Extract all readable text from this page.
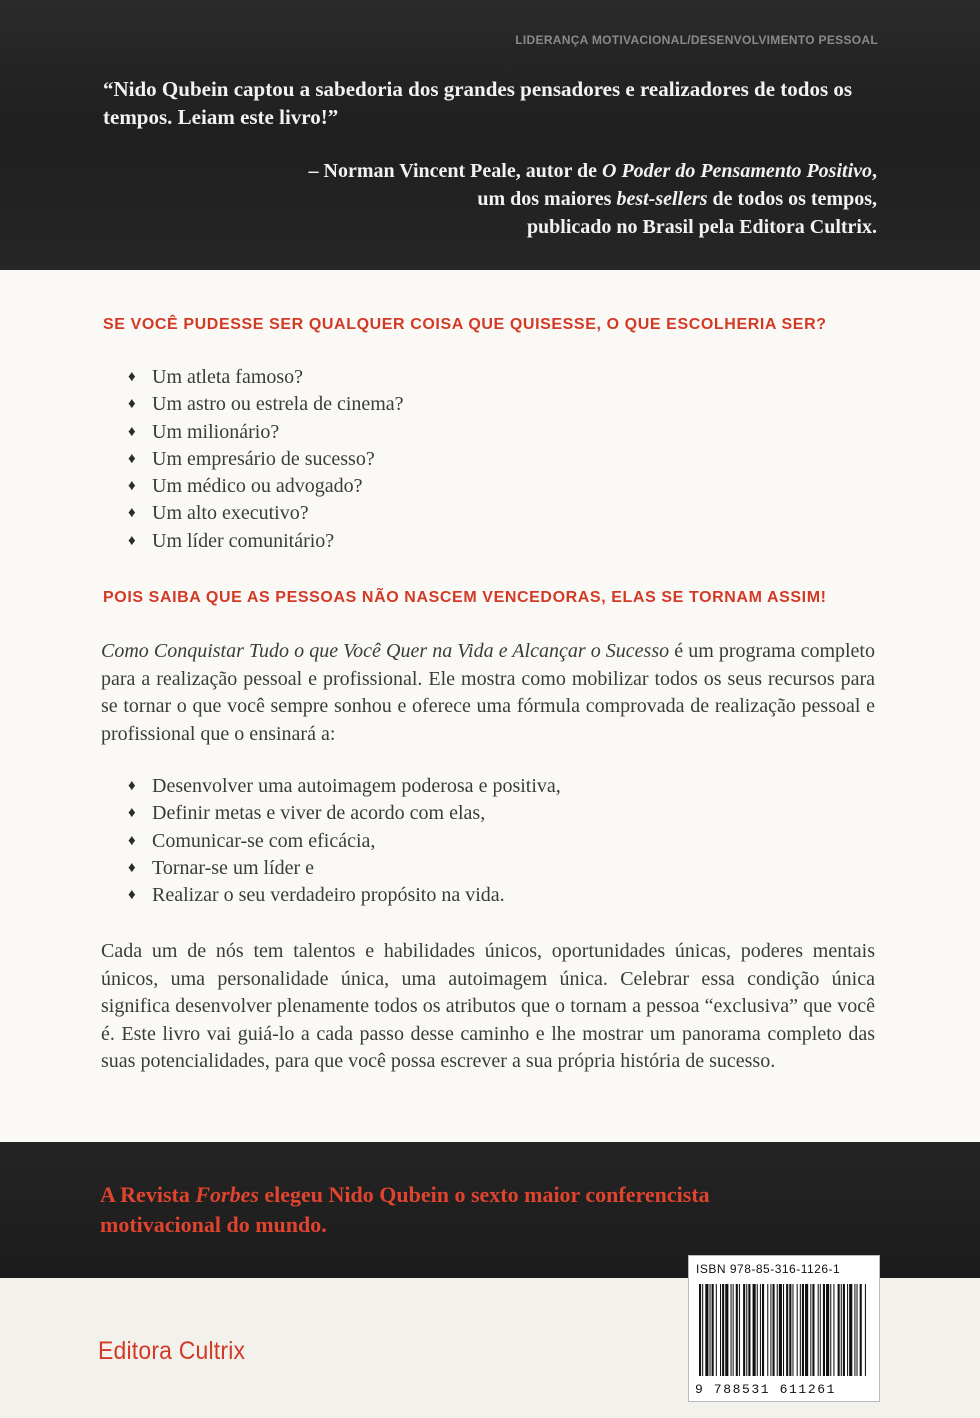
LIDERANÇA MOTIVACIONAL/DESENVOLVIMENTO PESSOAL

“Nido Qubein captou a sabedoria dos grandes pensadores e realizadores de todos os tempos. Leiam este livro!”

– Norman Vincent Peale, autor de O Poder do Pensamento Positivo,
um dos maiores best-sellers de todos os tempos,
publicado no Brasil pela Editora Cultrix.
SE VOCÊ PUDESSE SER QUALQUER COISA QUE QUISESSE, O QUE ESCOLHERIA SER?
♦ Um atleta famoso?
♦ Um astro ou estrela de cinema?
♦ Um milionário?
♦ Um empresário de sucesso?
♦ Um médico ou advogado?
♦ Um alto executivo?
♦ Um líder comunitário?
POIS SAIBA QUE AS PESSOAS NÃO NASCEM VENCEDORAS, ELAS SE TORNAM ASSIM!

Como Conquistar Tudo o que Você Quer na Vida e Alcançar o Sucesso é um programa completo para a realização pessoal e profissional. Ele mostra como mobilizar todos os seus recursos para se tornar o que você sempre sonhou e oferece uma fórmula comprovada de realização pessoal e profissional que o ensinará a:

♦ Desenvolver uma autoimagem poderosa e positiva,
♦ Definir metas e viver de acordo com elas,
♦ Comunicar-se com eficácia,
♦ Tornar-se um líder e
♦ Realizar o seu verdadeiro propósito na vida.

Cada um de nós tem talentos e habilidades únicos, oportunidades únicas, poderes mentais únicos, uma personalidade única, uma autoimagem única. Celebrar essa condição única significa desenvolver plenamente todos os atributos que o tornam a pessoa “exclusiva” que você é. Este livro vai guiá-lo a cada passo desse caminho e lhe mostrar um panorama completo das suas potencialidades, para que você possa escrever a sua própria história de sucesso.

A Revista Forbes elegeu Nido Qubein o sexto maior conferencista motivacional do mundo.

Editora Cultrix
ISBN 978-85-316-1126-1
9 788531 611261
